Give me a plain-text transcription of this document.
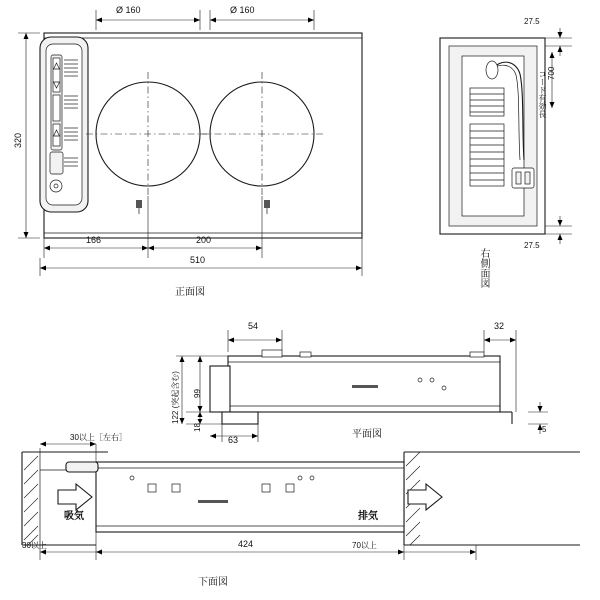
Ø 160	Ø 160
320
166	200
510
正面図
27.5
27.5
700
コード有効長
右側面図
54	32
122 (突起含む) 99
18
63
5
平面図
30以上［左右］
30以上	424	70以上
吸気	排気
下面図
